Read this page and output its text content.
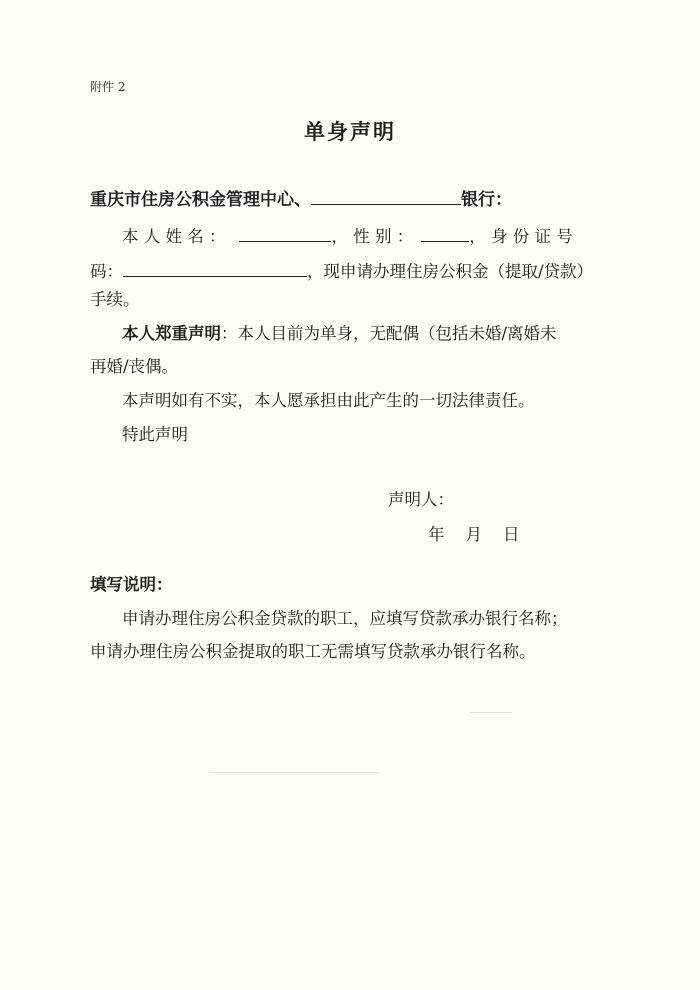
附件 2
单身声明
重庆市住房公积金管理中心、	银行：
本 人 姓 名 ：	， 性 别 ：	， 身 份 证 号
码：	，现申请办理住房公积金（提取/贷款）
手续。
本人郑重声明：本人目前为单身，无配偶（包括未婚/离婚未
再婚/丧偶。
本声明如有不实，本人愿承担由此产生的一切法律责任。
特此声明
声明人：
年    月    日
填写说明：
申请办理住房公积金贷款的职工，应填写贷款承办银行名称；
申请办理住房公积金提取的职工无需填写贷款承办银行名称。
